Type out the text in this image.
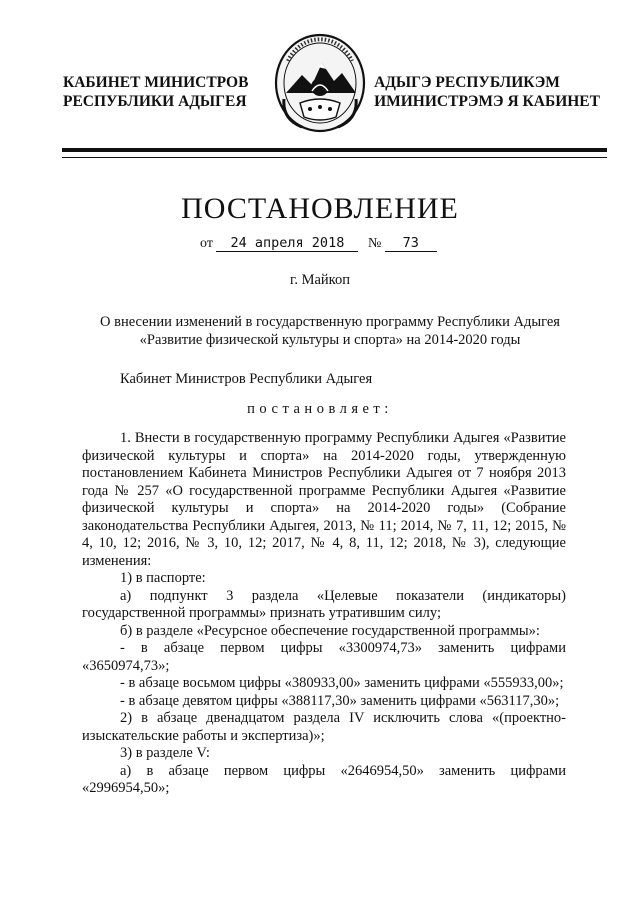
КАБИНЕТ МИНИСТРОВ
РЕСПУБЛИКИ АДЫГЕЯ
АДЫГЭ РЕСПУБЛИКЭМ
ИМИНИСТРЭМЭ Я КАБИНЕТ
ПОСТАНОВЛЕНИЕ
от 24 апреля 2018 № 73
г. Майкоп
О внесении изменений в государственную программу Республики Адыгея
«Развитие физической культуры и спорта» на 2014-2020 годы
Кабинет Министров Республики Адыгея
постановляет:

1. Внести в государственную программу Республики Адыгея «Развитие физической культуры и спорта» на 2014-2020 годы, утвержденную постановлением Кабинета Министров Республики Адыгея от 7 ноября 2013 года № 257 «О государственной программе Республики Адыгея «Развитие физической культуры и спорта» на 2014-2020 годы» (Собрание законодательства Республики Адыгея, 2013, № 11; 2014, № 7, 11, 12; 2015, № 4, 10, 12; 2016, № 3, 10, 12; 2017, № 4, 8, 11, 12; 2018, № 3), следующие изменения:

1) в паспорте:

а) подпункт 3 раздела «Целевые показатели (индикаторы) государственной программы» признать утратившим силу;

б) в разделе «Ресурсное обеспечение государственной программы»:

- в абзаце первом цифры «3300974,73» заменить цифрами «3650974,73»;

- в абзаце восьмом цифры «380933,00» заменить цифрами «555933,00»;

- в абзаце девятом цифры «388117,30» заменить цифрами «563117,30»;

2) в абзаце двенадцатом раздела IV исключить слова «(проектно-изыскательские работы и экспертиза)»;

3) в разделе V:

а) в абзаце первом цифры «2646954,50» заменить цифрами «2996954,50»;
